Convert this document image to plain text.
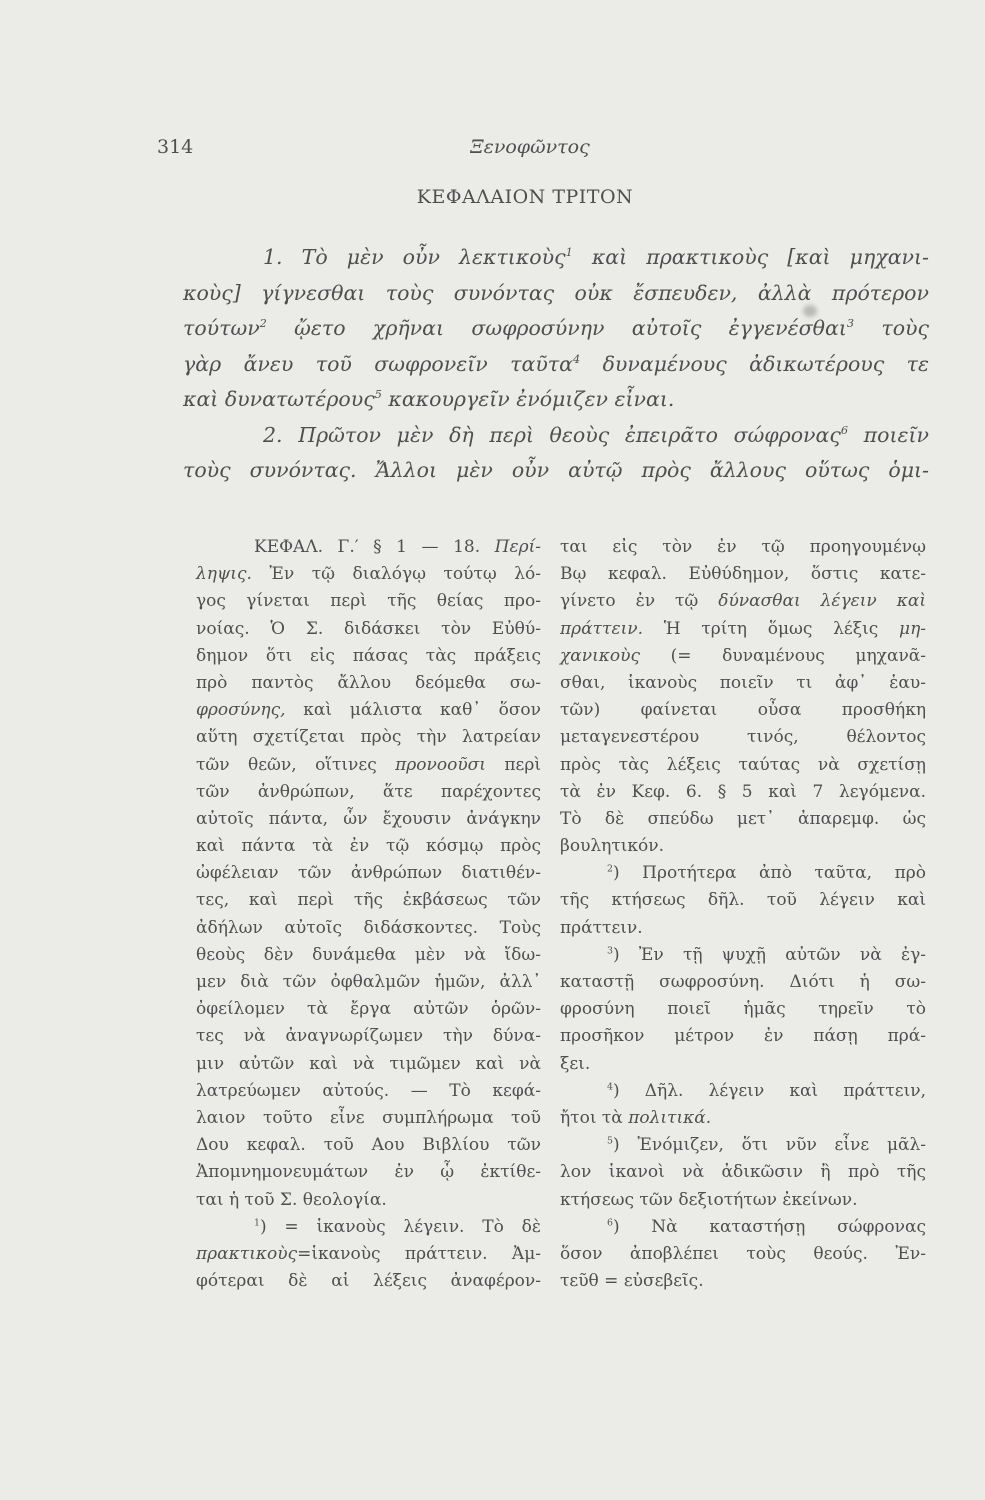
314	Ξενοφῶντος
ΚΕΦΑΛΑΙΟΝ ΤΡΙΤΟΝ
1. Τὸ μὲν οὖν λεκτικοὺς$^1$ καὶ πρακτικοὺς [καὶ μηχανι-
κοὺς] γίγνεσθαι τοὺς συνόντας οὐκ ἔσπευδεν, ἀλλὰ πρότερον
τούτων$^2$ ᾤετο χρῆναι σωφροσύνην αὐτοῖς ἐγγενέσθαι$^3$ τοὺς
γὰρ ἄνευ τοῦ σωφρονεῖν ταῦτα$^4$ δυναμένους ἀδικωτέρους τε
καὶ δυνατωτέρους$^5$ κακουργεῖν ἐνόμιζεν εἶναι.
2. Πρῶτον μὲν δὴ περὶ θεοὺς ἐπειρᾶτο σώφρονας$^6$ ποιεῖν
τοὺς συνόντας. Ἄλλοι μὲν οὖν αὐτῷ πρὸς ἄλλους οὕτως ὁμι-
ΚΕΦΑΛ. Γ.′ § 1 — 18. Περί-
ληψις. Ἐν τῷ διαλόγῳ τούτῳ λό-
γος γίνεται περὶ τῆς θείας προ-
νοίας. Ὁ Σ. διδάσκει τὸν Εὐθύ-
δημον ὅτι εἰς πάσας τὰς πράξεις
πρὸ παντὸς ἄλλου δεόμεθα σω-
φροσύνης, καὶ μάλιστα καθ᾽ ὅσον
αὕτη σχετίζεται πρὸς τὴν λατρείαν
τῶν θεῶν, οἵτινες προνοοῦσι περὶ
τῶν ἀνθρώπων, ἅτε παρέχοντες
αὐτοῖς πάντα, ὧν ἔχουσιν ἀνάγκην
καὶ πάντα τὰ ἐν τῷ κόσμῳ πρὸς
ὠφέλειαν τῶν ἀνθρώπων διατιθέν-
τες, καὶ περὶ τῆς ἐκβάσεως τῶν
ἀδήλων αὐτοῖς διδάσκοντες. Τοὺς
θεοὺς δὲν δυνάμεθα μὲν νὰ ἴδω-
μεν διὰ τῶν ὀφθαλμῶν ἡμῶν, ἀλλ᾽
ὀφείλομεν τὰ ἔργα αὐτῶν ὁρῶν-
τες νὰ ἀναγνωρίζωμεν τὴν δύνα-
μιν αὐτῶν καὶ νὰ τιμῶμεν καὶ νὰ
λατρεύωμεν αὐτούς. — Τὸ κεφά-
λαιον τοῦτο εἶνε συμπλήρωμα τοῦ
Δου κεφαλ. τοῦ Αου Βιβλίου τῶν
Ἀπομνημονευμάτων ἐν ᾧ ἐκτίθε-
ται ἡ τοῦ Σ. θεολογία.
$^1$) = ἱκανοὺς λέγειν. Τὸ δὲ
πρακτικοὺς=ἱκανοὺς πράττειν. Ἀμ-
φότεραι δὲ αἱ λέξεις ἀναφέρον-
ται εἰς τὸν ἐν τῷ προηγουμένῳ
Βῳ κεφαλ. Εὐθύδημον, ὅστις κατε-
γίνετο ἐν τῷ δύνασθαι λέγειν καὶ
πράττειν. Ἡ τρίτη ὅμως λέξις μη-
χανικοὺς (= δυναμένους μηχανᾶ-
σθαι, ἱκανοὺς ποιεῖν τι ἀφ᾽ ἑαυ-
τῶν) φαίνεται οὖσα προσθήκη
μεταγενεστέρου τινός, θέλοντος
πρὸς τὰς λέξεις ταύτας νὰ σχετίσῃ
τὰ ἐν Κεφ. 6. § 5 καὶ 7 λεγόμενα.
Τὸ δὲ σπεύδω μετ᾽ ἀπαρεμφ. ὡς
βουλητικόν.
$^2$) Προτήτερα ἀπὸ ταῦτα, πρὸ
τῆς κτήσεως δῆλ. τοῦ λέγειν καὶ
πράττειν.
$^3$) Ἐν τῇ ψυχῇ αὐτῶν νὰ ἐγ-
καταστῇ σωφροσύνη. Διότι ἡ σω-
φροσύνη ποιεῖ ἡμᾶς τηρεῖν τὸ
προσῆκον μέτρον ἐν πάσῃ πρά-
ξει.
$^4$) Δῆλ. λέγειν καὶ πράττειν,
ἤτοι τὰ πολιτικά.
$^5$) Ἐνόμιζεν, ὅτι νῦν εἶνε μᾶλ-
λον ἱκανοὶ νὰ ἀδικῶσιν ἢ πρὸ τῆς
κτήσεως τῶν δεξιοτήτων ἐκείνων.
$^6$) Νὰ καταστήσῃ σώφρονας
ὅσον ἀποβλέπει τοὺς θεούς. Ἐν-
τεῦθ = εὐσεβεῖς.
